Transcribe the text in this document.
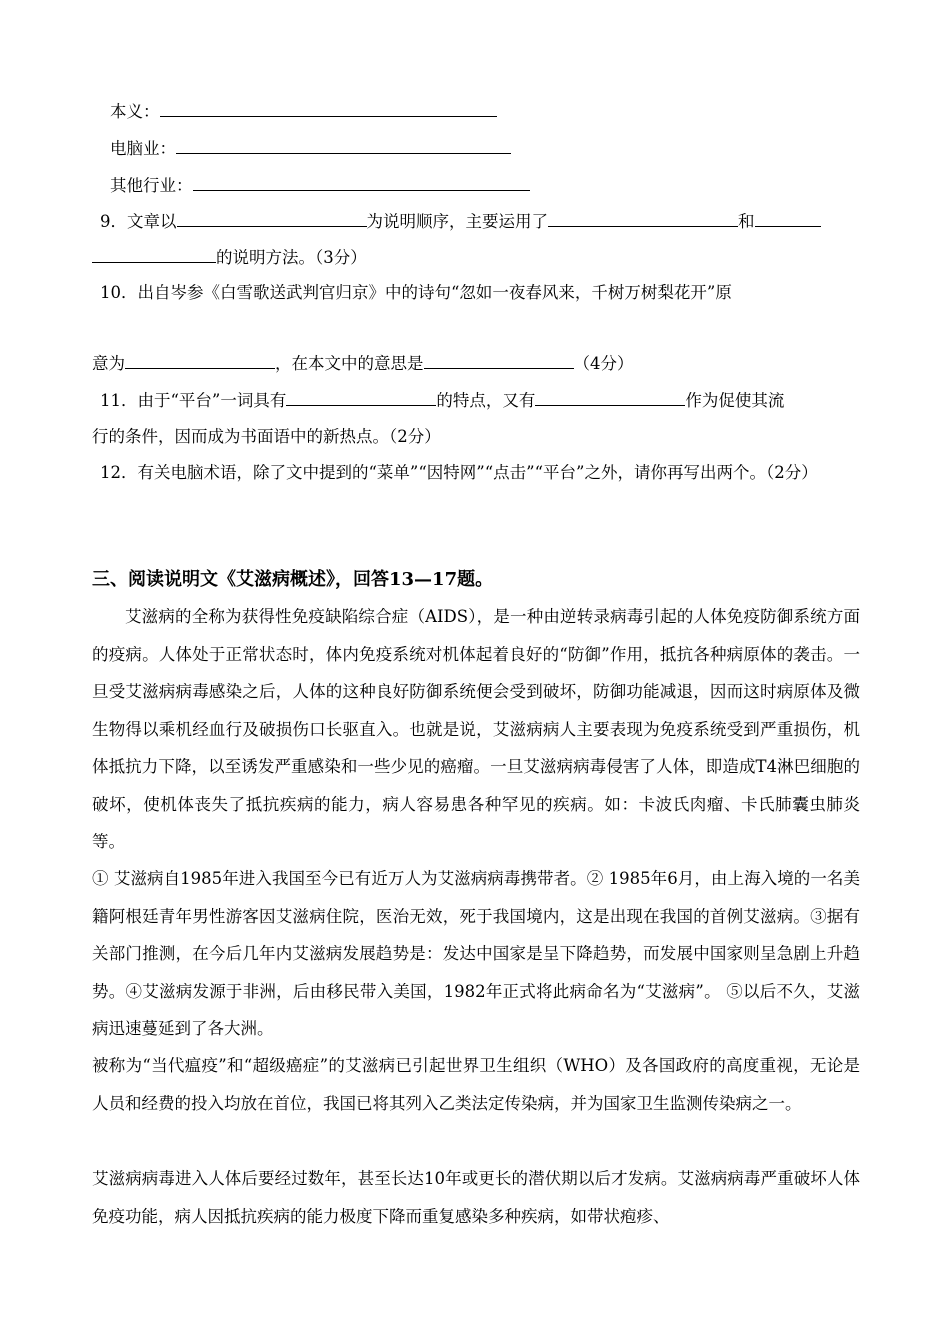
本义：
电脑业：
其他行业：
9．文章以	为说明顺序，主要运用了	和
的说明方法。（3分）
10．出自岑参《白雪歌送武判官归京》中的诗句“忽如一夜春风来，千树万树梨花开”原
意为	，在本文中的意思是	（4分）
11．由于“平台”一词具有	的特点，又有	作为促使其流
行的条件，因而成为书面语中的新热点。（2分）
12．有关电脑术语，除了文中提到的“菜单”“因特网”“点击”“平台”之外，请你再写出两个。（2分）
三、阅读说明文《艾滋病概述》，回答13—17题。
艾滋病的全称为获得性免疫缺陷综合症（AIDS），是一种由逆转录病毒引起的人体免疫防御系统方面的疫病。人体处于正常状态时，体内免疫系统对机体起着良好的“防御”作用，抵抗各种病原体的袭击。一旦受艾滋病病毒感染之后，人体的这种良好防御系统便会受到破坏，防御功能减退，因而这时病原体及微生物得以乘机经血行及破损伤口长驱直入。也就是说，艾滋病病人主要表现为免疫系统受到严重损伤，机体抵抗力下降，以至诱发严重感染和一些少见的癌瘤。一旦艾滋病病毒侵害了人体，即造成T4淋巴细胞的破坏，使机体丧失了抵抗疾病的能力，病人容易患各种罕见的疾病。如：卡波氏肉瘤、卡氏肺囊虫肺炎等。
① 艾滋病自1985年进入我国至今已有近万人为艾滋病病毒携带者。② 1985年6月，由上海入境的一名美籍阿根廷青年男性游客因艾滋病住院，医治无效，死于我国境内，这是出现在我国的首例艾滋病。③据有关部门推测，在今后几年内艾滋病发展趋势是：发达中国家是呈下降趋势，而发展中国家则呈急剧上升趋势。④艾滋病发源于非洲，后由移民带入美国，1982年正式将此病命名为“艾滋病”。 ⑤以后不久，艾滋病迅速蔓延到了各大洲。
被称为“当代瘟疫”和“超级癌症”的艾滋病已引起世界卫生组织（WHO）及各国政府的高度重视，无论是人员和经费的投入均放在首位，我国已将其列入乙类法定传染病，并为国家卫生监测传染病之一。
艾滋病病毒进入人体后要经过数年，甚至长达10年或更长的潜伏期以后才发病。艾滋病病毒严重破坏人体免疫功能，病人因抵抗疾病的能力极度下降而重复感染多种疾病，如带状疱疹、
